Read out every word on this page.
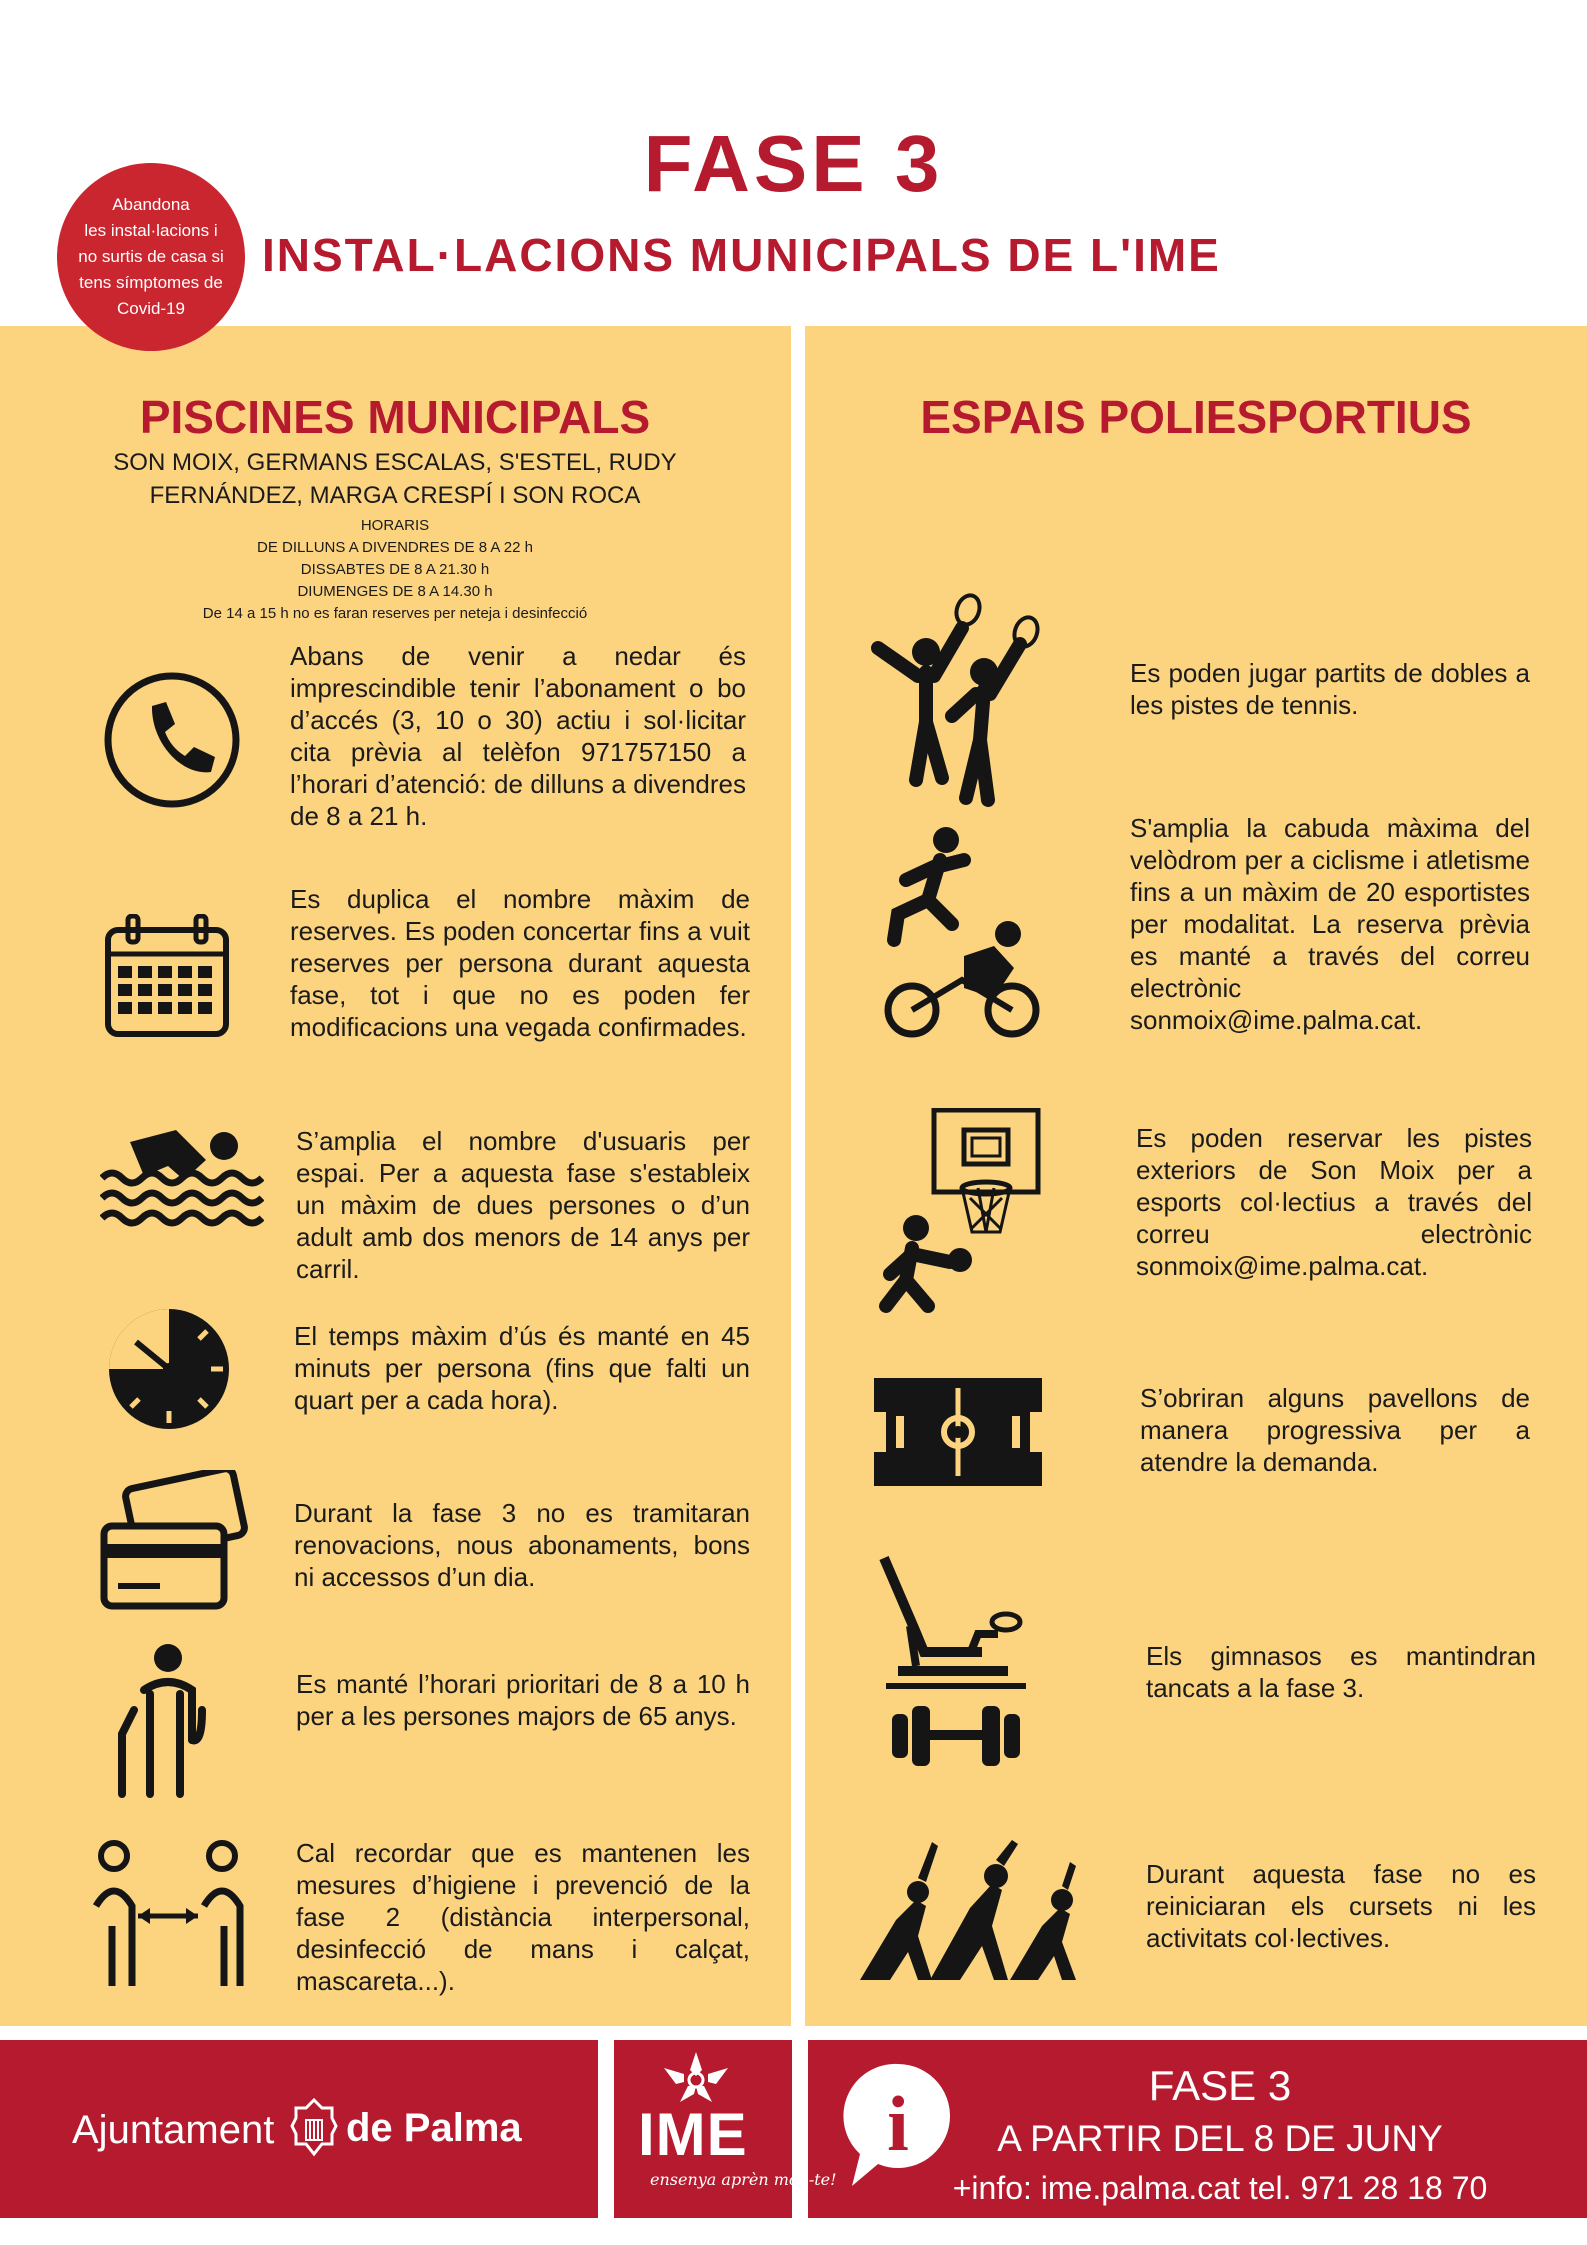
FASE 3
INSTAL·LACIONS MUNICIPALS DE L'IME
Abandona
les instal·lacions i
no surtis de casa si
tens símptomes de
Covid-19
PISCINES MUNICIPALS
SON MOIX, GERMANS ESCALAS, S'ESTEL, RUDY
FERNÁNDEZ, MARGA CRESPÍ I SON ROCA
HORARIS
DE DILLUNS A DIVENDRES DE 8 A 22 h
DISSABTES DE 8 A 21.30 h
DIUMENGES DE 8 A 14.30 h
De 14 a 15 h no es faran reserves per neteja i desinfecció

Abans de venir a nedar és imprescindible tenir l’abonament o bo d’accés (3, 10 o 30) actiu i sol·licitar cita prèvia al telèfon 971757150 a l’horari d’atenció: de dilluns a divendres de 8 a 21 h.

Es duplica el nombre màxim de reserves. Es poden concertar fins a vuit reserves per persona durant aquesta fase, tot i que no es poden fer modificacions una vegada confirmades.

S’amplia el nombre d'usuaris per espai. Per a aquesta fase s'estableix un màxim de dues persones o d’un adult amb dos menors de 14 anys per carril.

El temps màxim d’ús és manté en 45 minuts per persona (fins que falti un quart per a cada hora).

Durant la fase 3 no es tramitaran renovacions, nous abonaments, bons ni accessos d’un dia.

Es manté l’horari prioritari de 8 a 10 h per a les persones majors de 65 anys.

Cal recordar que es mantenen les mesures d’higiene i prevenció de la fase 2 (distància interpersonal, desinfecció de mans i calçat, mascareta...).

ESPAIS POLIESPORTIUS

Es poden jugar partits de dobles a les pistes de tennis.

S'amplia la cabuda màxima del velòdrom per a ciclisme i atletisme fins a un màxim de 20 esportistes per modalitat. La reserva prèvia es manté a través del correu electrònic sonmoix@ime.palma.cat.

Es poden reservar les pistes exteriors de Son Moix per a esports col·lectius a través del correu electrònic sonmoix@ime.palma.cat.

S’obriran alguns pavellons de manera progressiva per a atendre la demanda.

Els gimnasos es mantindran tancats a la fase 3.

Durant aquesta fase no es reiniciaran els cursets ni les activitats col·lectives.

Ajuntament de Palma IME
ensenya aprèn mou-te!
i	FASE 3
A PARTIR DEL 8 DE JUNY
+info: ime.palma.cat tel. 971 28 18 70
